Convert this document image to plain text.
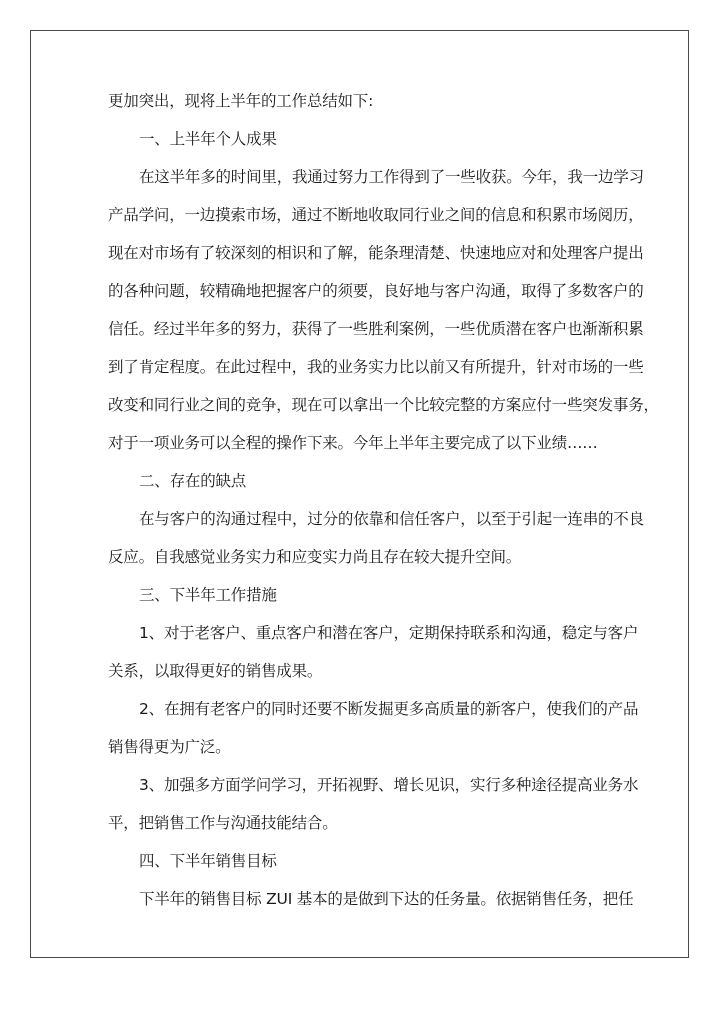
更加突出，现将上半年的工作总结如下:

一、上半年个人成果

在这半年多的时间里，我通过努力工作得到了一些收获。今年，我一边学习

产品学问，一边摸索市场，通过不断地收取同行业之间的信息和积累市场阅历，

现在对市场有了较深刻的相识和了解，能条理清楚、快速地应对和处理客户提出

的各种问题，较精确地把握客户的须要，良好地与客户沟通，取得了多数客户的

信任。经过半年多的努力，获得了一些胜利案例，一些优质潜在客户也渐渐积累

到了肯定程度。在此过程中，我的业务实力比以前又有所提升，针对市场的一些

改变和同行业之间的竞争，现在可以拿出一个比较完整的方案应付一些突发事务，

对于一项业务可以全程的操作下来。今年上半年主要完成了以下业绩……

二、存在的缺点

在与客户的沟通过程中，过分的依靠和信任客户，以至于引起一连串的不良

反应。自我感觉业务实力和应变实力尚且存在较大提升空间。

三、下半年工作措施

1、对于老客户、重点客户和潜在客户，定期保持联系和沟通，稳定与客户

关系，以取得更好的销售成果。

2、在拥有老客户的同时还要不断发掘更多高质量的新客户，使我们的产品

销售得更为广泛。

3、加强多方面学问学习，开拓视野、增长见识，实行多种途径提高业务水

平，把销售工作与沟通技能结合。

四、下半年销售目标

下半年的销售目标 ZUI 基本的是做到下达的任务量。依据销售任务，把任
